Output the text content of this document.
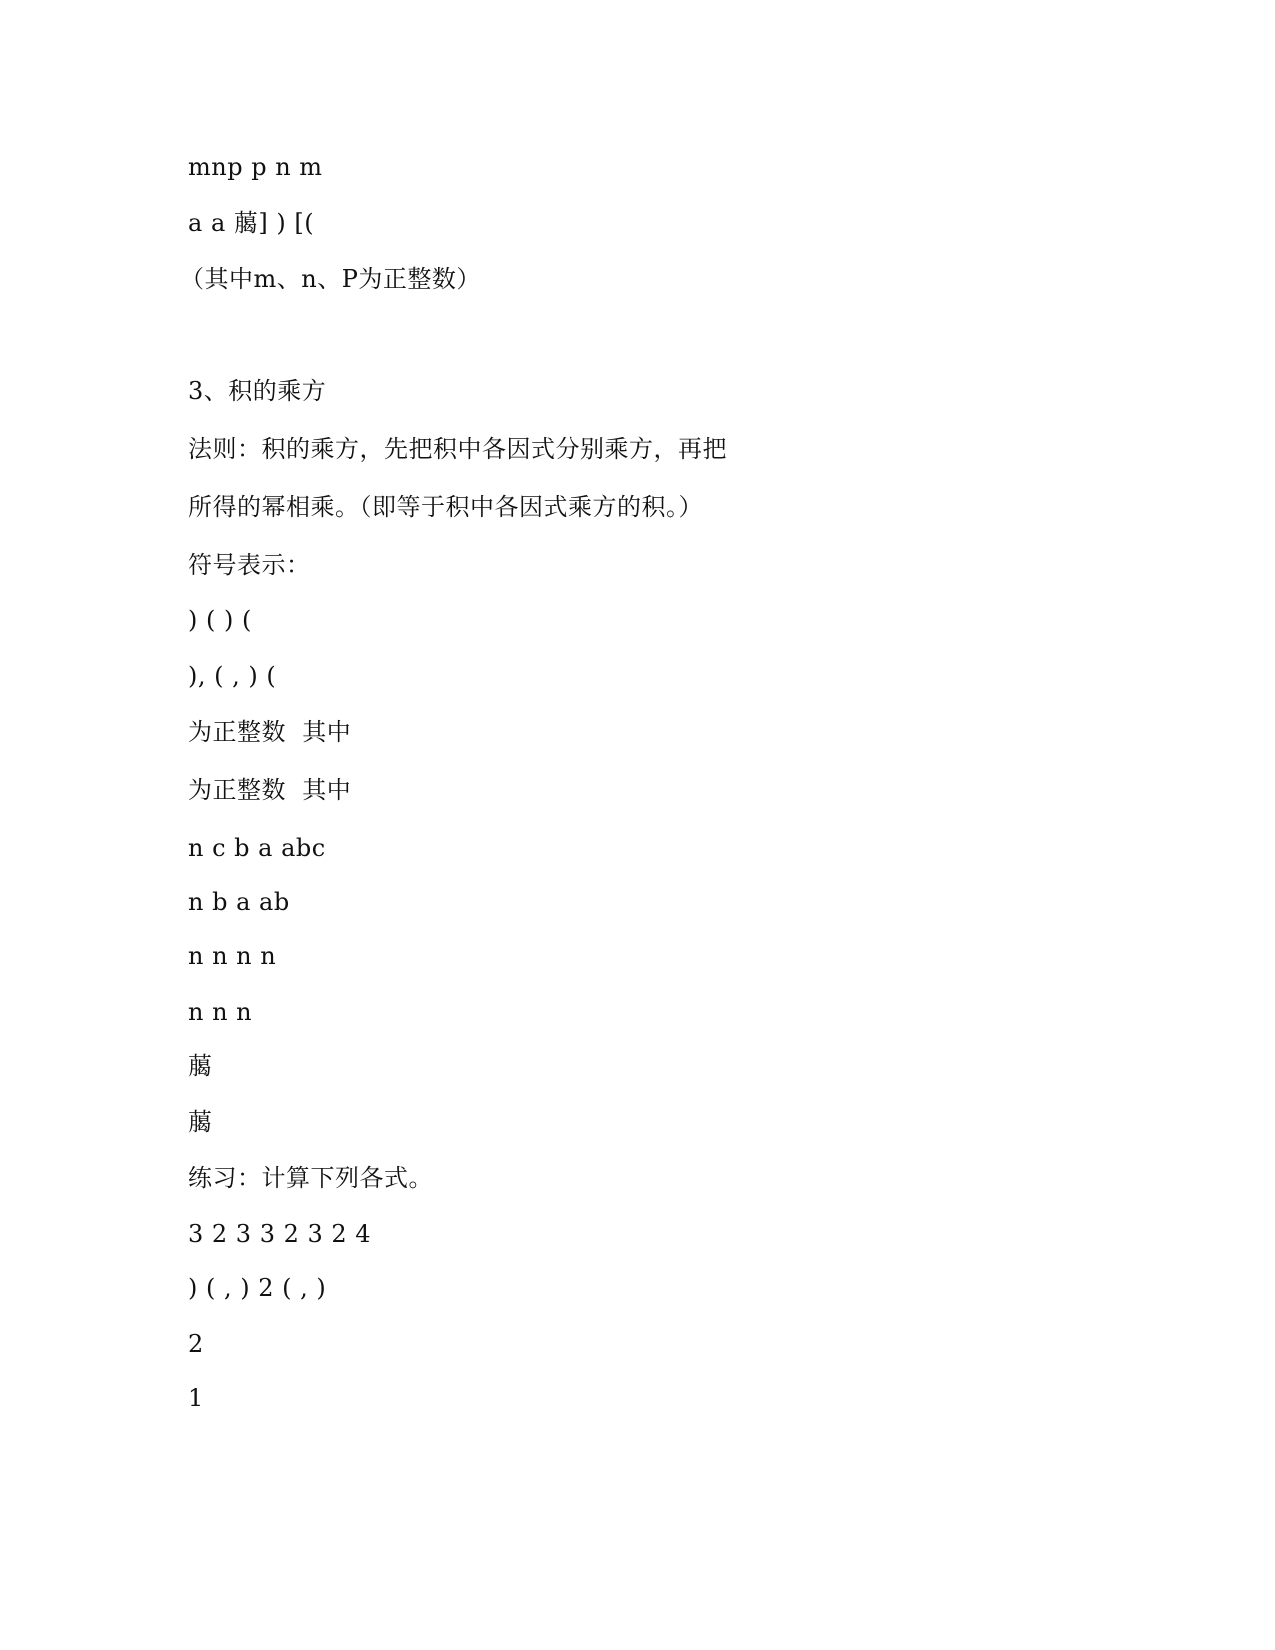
mnp p n m
a a 﨟] ) [(
（其中m、n、P为正整数）
3、积的乘方
法则：积的乘方，先把积中各因式分别乘方，再把
所得的幂相乘。（即等于积中各因式乘方的积。）
符号表示：
) ( ) (
), ( , ) (
为正整数  其中
为正整数  其中
n c b a abc
n b a ab
n n n n
n n n
﨟
﨟
练习：计算下列各式。
3 2 3 3 2 3 2 4
) ( , ) 2 ( , )
2
1
